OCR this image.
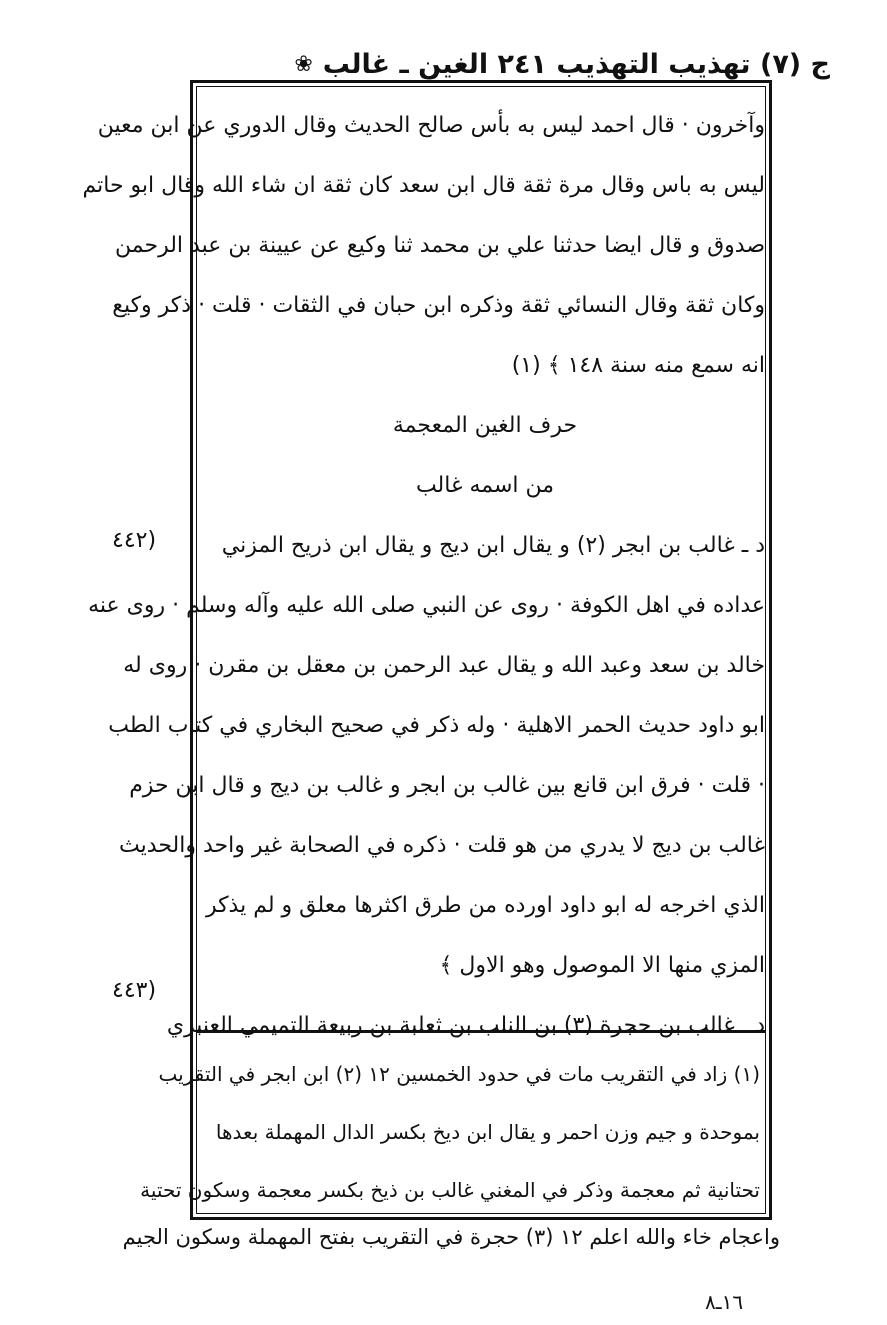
ج (٧) تهذيب التهذيب ٢٤١ الغين ـ غالب
❀
وآخرون · قال احمد ليس به بأس صالح الحديث وقال الدوري عن ابن معين
ليس به باس وقال مرة ثقة قال ابن سعد كان ثقة ان شاء الله وقال ابو حاتم
صدوق و قال ايضا حدثنا علي بن محمد ثنا وكيع عن عيينة بن عبد الرحمن
وكان ثقة وقال النسائي ثقة وذكره ابن حبان في الثقات · قلت · ذكر وكيع
انه سمع منه سنة ١٤٨ ﴾ (١)
حرف الغين المعجمة
من اسمه غالب
د ـ غالب بن ابجر (٢) و يقال ابن ديج و يقال ابن ذريح المزني
عداده في اهل الكوفة · روى عن النبي صلى الله عليه وآله وسلم · روى عنه
خالد بن سعد وعبد الله و يقال عبد الرحمن بن معقل بن مقرن · روى له
ابو داود حديث الحمر الاهلية · وله ذكر في صحيح البخاري في كتاب الطب
· قلت · فرق ابن قانع بين غالب بن ابجر و غالب بن ديج و قال ابن حزم
غالب بن ديج لا يدري من هو قلت · ذكره في الصحابة غير واحد والحديث
الذي اخرجه له ابو داود اورده من طرق اكثرها معلق و لم يذكر
المزي منها الا الموصول وهو الاول ﴾
د ـ غالب بن حجرة (٣) بن النلب بن ثعلبة بن ربيعة التميمي العنبري
(٤٤٢
(٤٤٣
(١) زاد في التقريب مات في حدود الخمسين ١٢ (٢) ابن ابجر في التقريب
بموحدة و جيم وزن احمر و يقال ابن ديخ بكسر الدال المهملة بعدها
تحتانية ثم معجمة وذكر في المغني غالب بن ذيخ بكسر معجمة وسكون تحتية
واعجام خاء والله اعلم ١٢ (٣) حجرة في التقريب بفتح المهملة وسكون الجيم
١٦ـ٨
